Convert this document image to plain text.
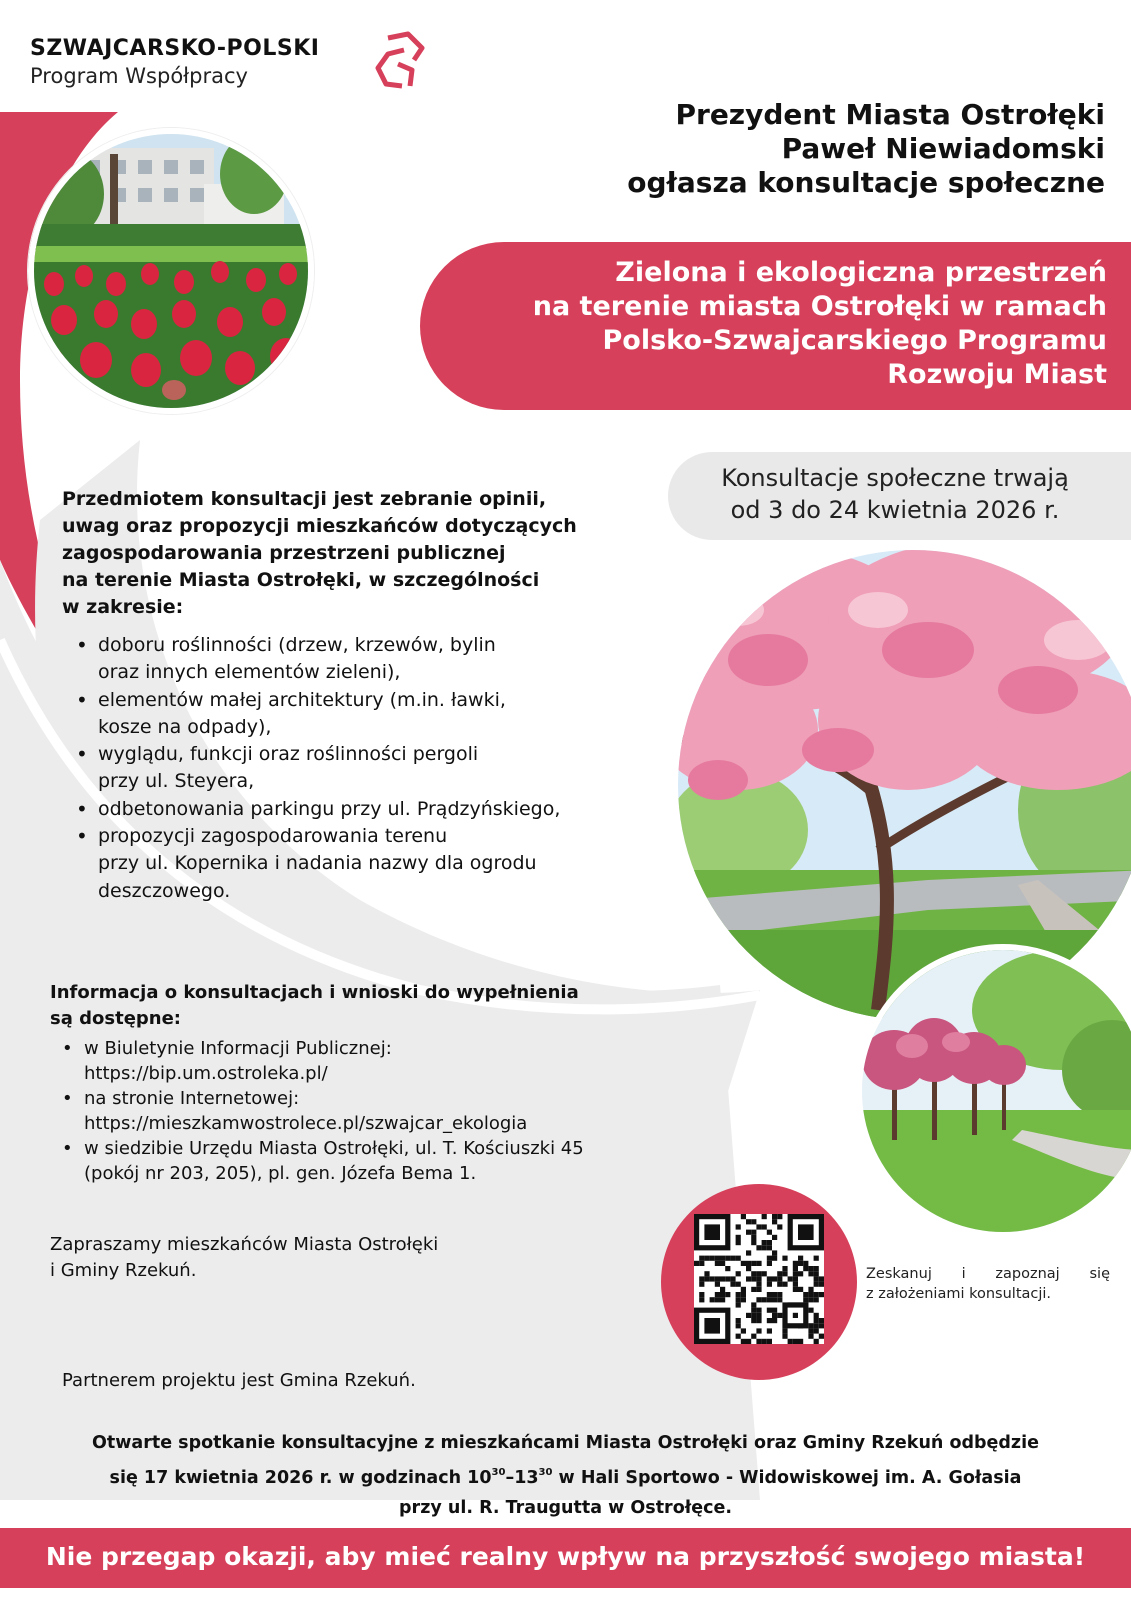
SZWAJCARSKO-POLSKI
Program Współpracy
Prezydent Miasta Ostrołęki
Paweł Niewiadomski
ogłasza konsultacje społeczne
Zielona i ekologiczna przestrzeń
na terenie miasta Ostrołęki w ramach
Polsko-Szwajcarskiego Programu
Rozwoju Miast
Konsultacje społeczne trwają
od 3 do 24 kwietnia 2026 r.
Przedmiotem konsultacji jest zebranie opinii,
uwag oraz propozycji mieszkańców dotyczących
zagospodarowania przestrzeni publicznej
na terenie Miasta Ostrołęki, w szczególności
w zakresie:
• doboru roślinności (drzew, krzewów, bylin
oraz innych elementów zieleni),
• elementów małej architektury (m.in. ławki,
kosze na odpady),
• wyglądu, funkcji oraz roślinności pergoli
przy ul. Steyera,
• odbetonowania parkingu przy ul. Prądzyńskiego,
• propozycji zagospodarowania terenu
przy ul. Kopernika i nadania nazwy dla ogrodu
deszczowego.
Informacja o konsultacjach i wnioski do wypełnienia
są dostępne:
• w Biuletynie Informacji Publicznej:
https://bip.um.ostroleka.pl/
• na stronie Internetowej:
https://mieszkamwostrolece.pl/szwajcar_ekologia
• w siedzibie Urzędu Miasta Ostrołęki, ul. T. Kościuszki 45
(pokój nr 203, 205), pl. gen. Józefa Bema 1.
Zapraszamy mieszkańców Miasta Ostrołęki
i Gminy Rzekuń.	Zeskanuj i zapoznaj się
z założeniami konsultacji.
Partnerem projektu jest Gmina Rzekuń.
Otwarte spotkanie konsultacyjne z mieszkańcami Miasta Ostrołęki oraz Gminy Rzekuń odbędzie
się 17 kwietnia 2026 r. w godzinach $10^{30}-13^{30}$ w Hali Sportowo - Widowiskowej im. A. Gołasia
przy ul. R. Traugutta w Ostrołęce.
Nie przegap okazji, aby mieć realny wpływ na przyszłość swojego miasta!
